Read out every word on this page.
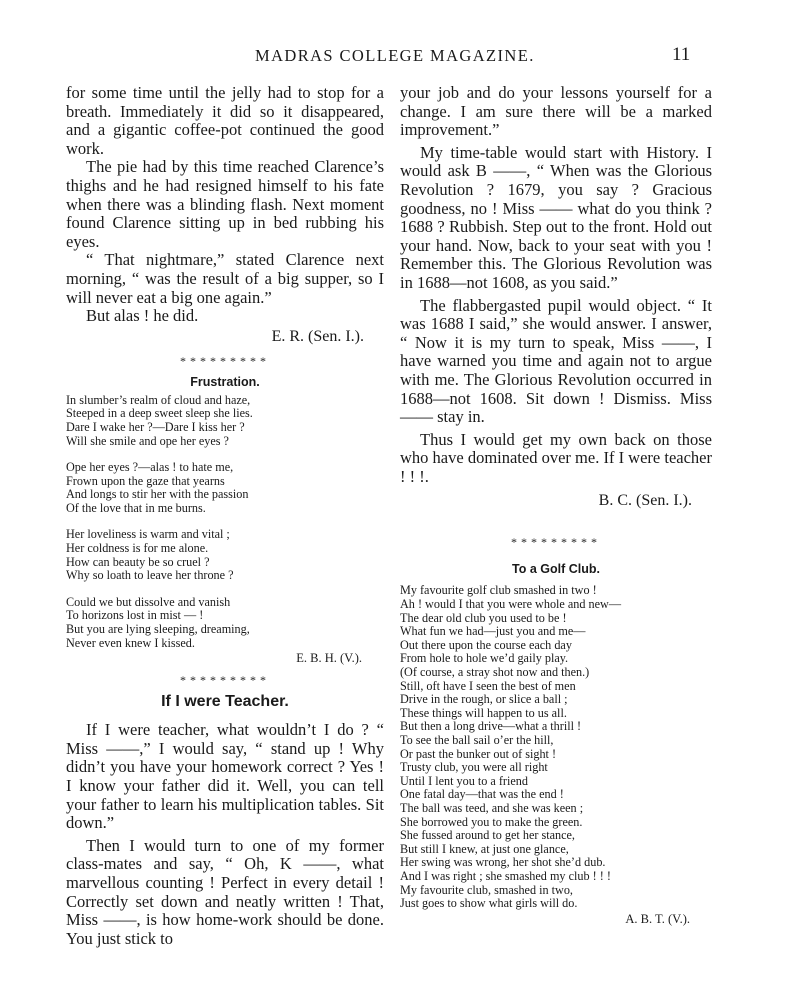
MADRAS COLLEGE MAGAZINE.	11

for some time until the jelly had to stop for a breath. Immediately it did so it disappeared, and a gigantic coffee-pot continued the good work.

The pie had by this time reached Clarence’s thighs and he had resigned himself to his fate when there was a blinding flash. Next moment found Clarence sitting up in bed rubbing his eyes.

“ That nightmare,” stated Clarence next morning, “ was the result of a big supper, so I will never eat a big one again.”

But alas ! he did.

E. R. (Sen. I.).
*********
Frustration.
In slumber’s realm of cloud and haze,
Steeped in a deep sweet sleep she lies.
Dare I wake her ?—Dare I kiss her ?
Will she smile and ope her eyes ?
Ope her eyes ?—alas ! to hate me,
Frown upon the gaze that yearns
And longs to stir her with the passion
Of the love that in me burns.
Her loveliness is warm and vital ;
Her coldness is for me alone.
How can beauty be so cruel ?
Why so loath to leave her throne ?
Could we but dissolve and vanish
To horizons lost in mist — !
But you are lying sleeping, dreaming,
Never even knew I kissed.
E. B. H. (V.).
*********
If I were Teacher.

If I were teacher, what wouldn’t I do ? “ Miss ——,” I would say, “ stand up ! Why didn’t you have your homework correct ? Yes ! I know your father did it. Well, you can tell your father to learn his multiplication tables. Sit down.”

Then I would turn to one of my former class-mates and say, “ Oh, K ——, what marvellous counting ! Perfect in every detail ! Correctly set down and neatly written ! That, Miss ——, is how home-work should be done. You just stick to

your job and do your lessons yourself for a change. I am sure there will be a marked improvement.”

My time-table would start with History. I would ask B ——, “ When was the Glorious Revolution ? 1679, you say ? Gracious goodness, no ! Miss —— what do you think ? 1688 ? Rubbish. Step out to the front. Hold out your hand. Now, back to your seat with you ! Remember this. The Glorious Revolution was in 1688—not 1608, as you said.”

The flabbergasted pupil would object. “ It was 1688 I said,” she would answer. I answer, “ Now it is my turn to speak, Miss ——, I have warned you time and again not to argue with me. The Glorious Revolution occurred in 1688—not 1608. Sit down ! Dismiss. Miss —— stay in.

Thus I would get my own back on those who have dominated over me. If I were teacher ! ! !.

B. C. (Sen. I.).
*********
To a Golf Club.
My favourite golf club smashed in two !
Ah ! would I that you were whole and new—
The dear old club you used to be !
What fun we had—just you and me—
Out there upon the course each day
From hole to hole we’d gaily play.
(Of course, a stray shot now and then.)
Still, oft have I seen the best of men
Drive in the rough, or slice a ball ;
These things will happen to us all.
But then a long drive—what a thrill !
To see the ball sail o’er the hill,
Or past the bunker out of sight !
Trusty club, you were all right
Until I lent you to a friend
One fatal day—that was the end !
The ball was teed, and she was keen ;
She borrowed you to make the green.
She fussed around to get her stance,
But still I knew, at just one glance,
Her swing was wrong, her shot she’d dub.
And I was right ; she smashed my club ! ! !
My favourite club, smashed in two,
Just goes to show what girls will do.
A. B. T. (V.).
